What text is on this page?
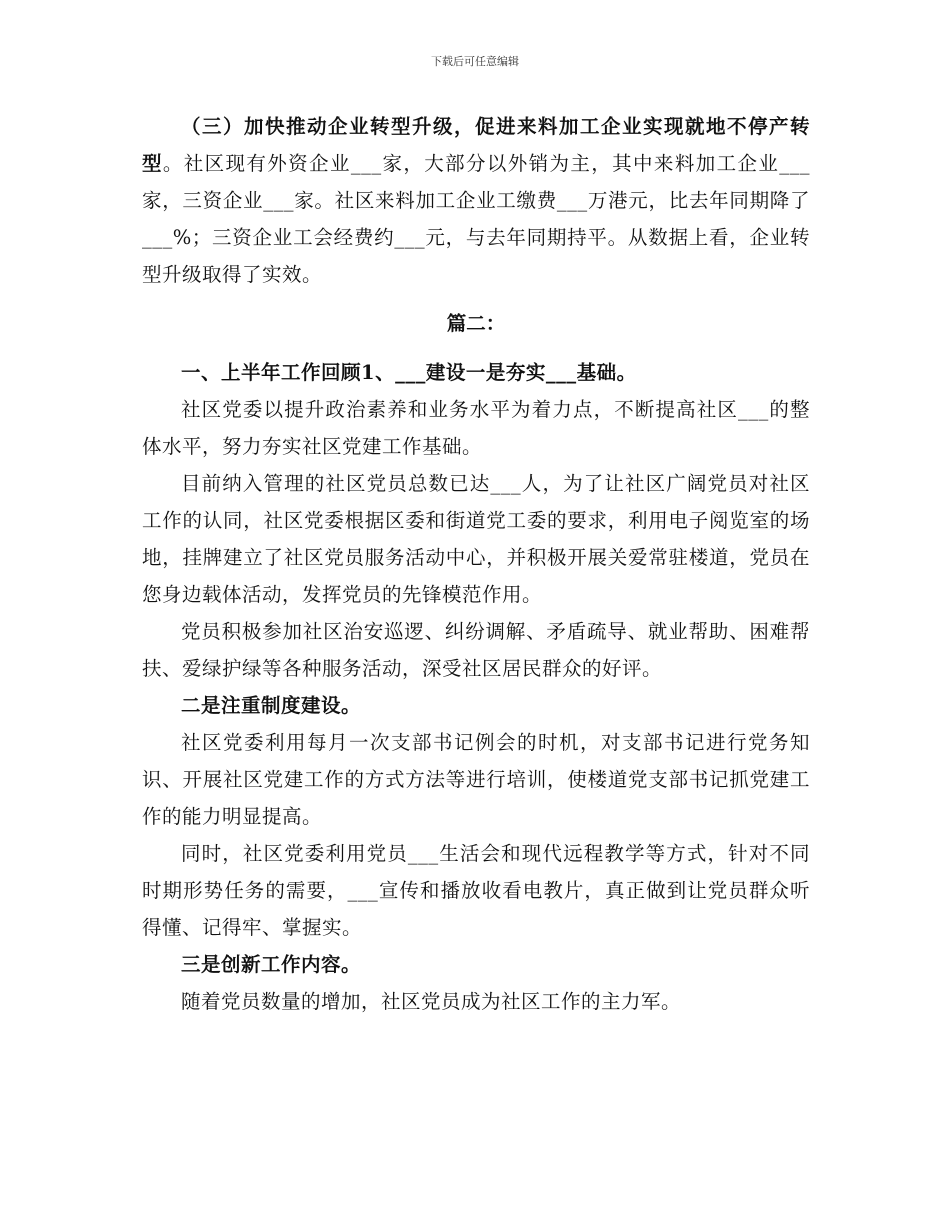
下载后可任意编辑

（三）加快推动企业转型升级，促进来料加工企业实现就地不停产转型。社区现有外资企业___家，大部分以外销为主，其中来料加工企业___家，三资企业___家。社区来料加工企业工缴费___万港元，比去年同期降了___%；三资企业工会经费约___元，与去年同期持平。从数据上看，企业转型升级取得了实效。

篇二：

一、上半年工作回顾1、___建设一是夯实___基础。

社区党委以提升政治素养和业务水平为着力点，不断提高社区___的整体水平，努力夯实社区党建工作基础。

目前纳入管理的社区党员总数已达___人，为了让社区广阔党员对社区工作的认同，社区党委根据区委和街道党工委的要求，利用电子阅览室的场地，挂牌建立了社区党员服务活动中心，并积极开展关爱常驻楼道，党员在您身边载体活动，发挥党员的先锋模范作用。

党员积极参加社区治安巡逻、纠纷调解、矛盾疏导、就业帮助、困难帮扶、爱绿护绿等各种服务活动，深受社区居民群众的好评。

二是注重制度建设。

社区党委利用每月一次支部书记例会的时机，对支部书记进行党务知识、开展社区党建工作的方式方法等进行培训，使楼道党支部书记抓党建工作的能力明显提高。

同时，社区党委利用党员___生活会和现代远程教学等方式，针对不同时期形势任务的需要，___宣传和播放收看电教片，真正做到让党员群众听得懂、记得牢、掌握实。

三是创新工作内容。

随着党员数量的增加，社区党员成为社区工作的主力军。
